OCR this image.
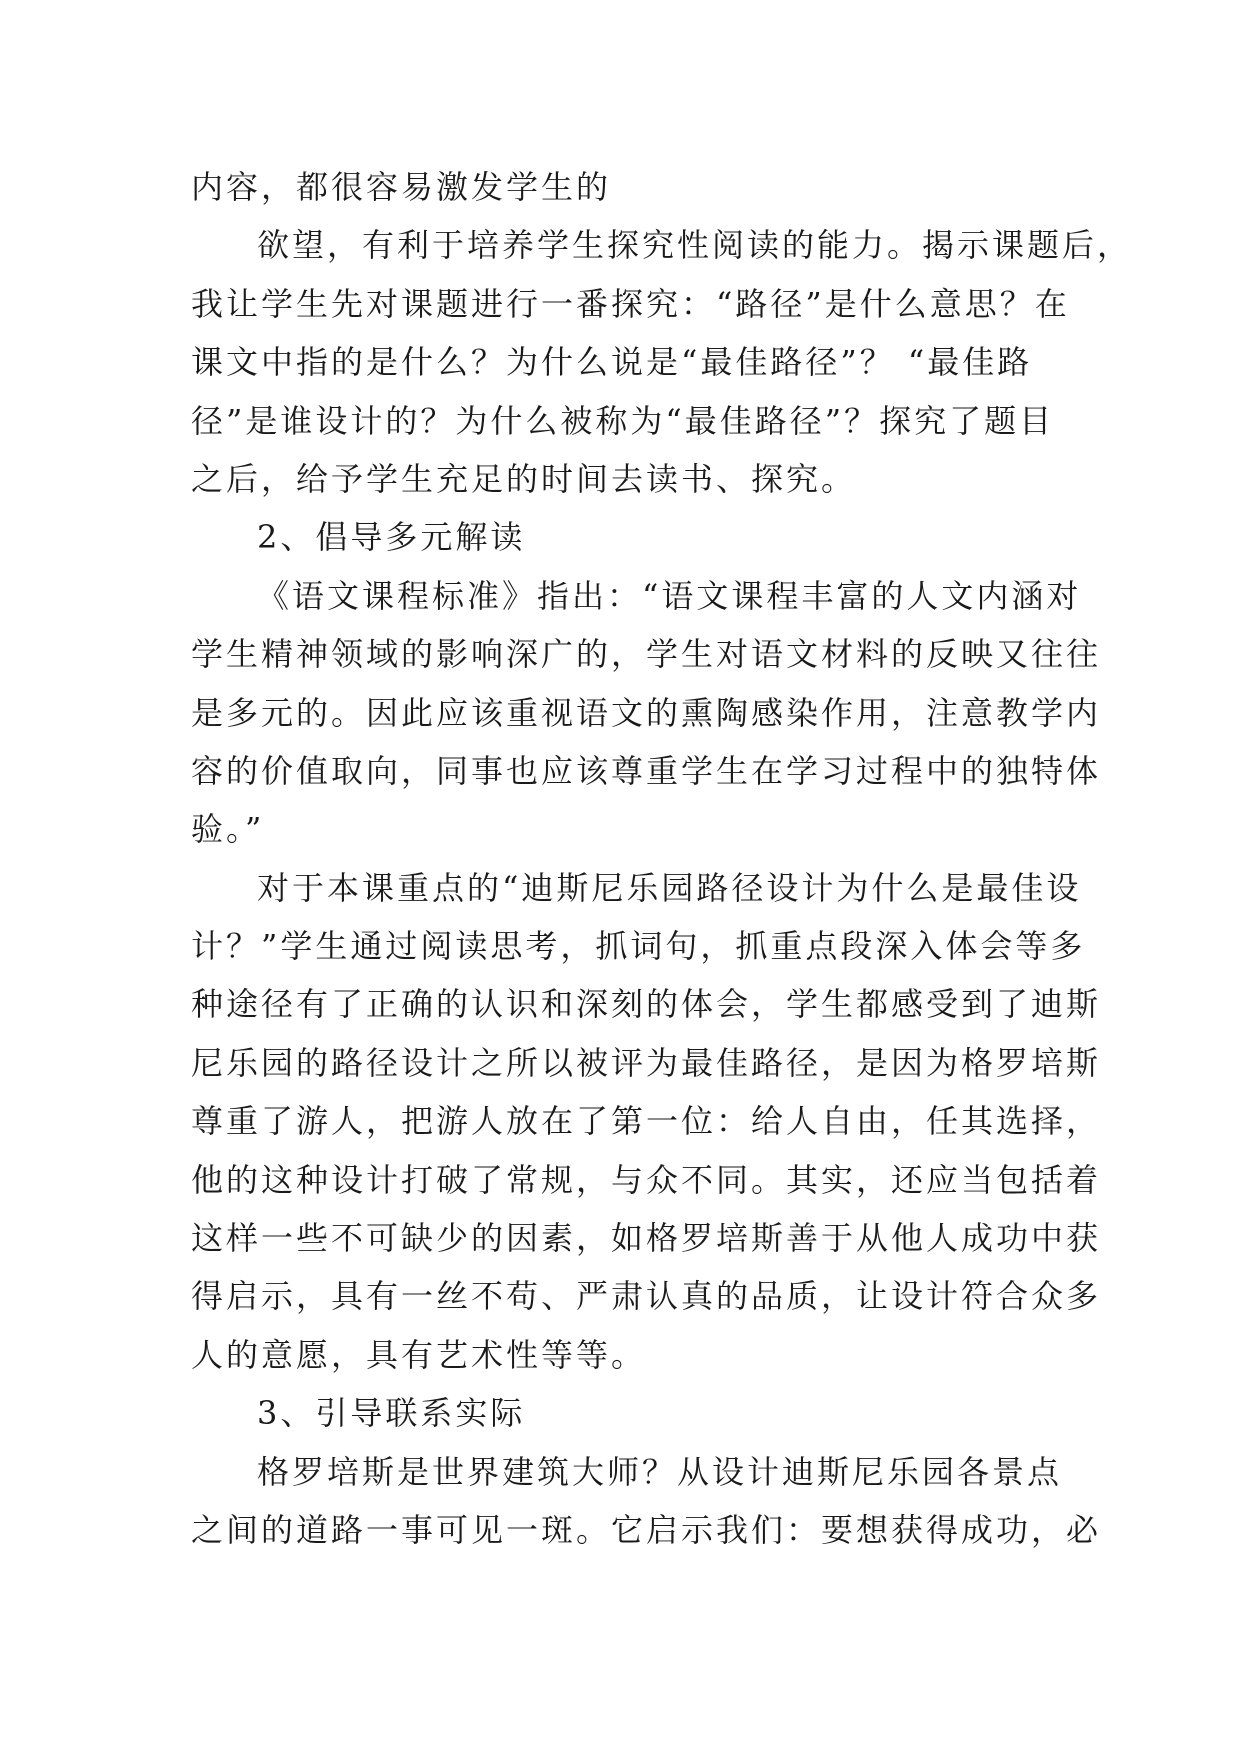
内容，都很容易激发学生的
欲望，有利于培养学生探究性阅读的能力。揭示课题后，
我让学生先对课题进行一番探究：“路径”是什么意思？在
课文中指的是什么？为什么说是“最佳路径”？ “最佳路
径”是谁设计的？为什么被称为“最佳路径”？探究了题目
之后，给予学生充足的时间去读书、探究。
2、倡导多元解读
《语文课程标准》指出：“语文课程丰富的人文内涵对
学生精神领域的影响深广的，学生对语文材料的反映又往往
是多元的。因此应该重视语文的熏陶感染作用，注意教学内
容的价值取向，同事也应该尊重学生在学习过程中的独特体
验。”
对于本课重点的“迪斯尼乐园路径设计为什么是最佳设
计？”学生通过阅读思考，抓词句，抓重点段深入体会等多
种途径有了正确的认识和深刻的体会，学生都感受到了迪斯
尼乐园的路径设计之所以被评为最佳路径，是因为格罗培斯
尊重了游人，把游人放在了第一位：给人自由，任其选择，
他的这种设计打破了常规，与众不同。其实，还应当包括着
这样一些不可缺少的因素，如格罗培斯善于从他人成功中获
得启示，具有一丝不苟、严肃认真的品质，让设计符合众多
人的意愿，具有艺术性等等。
3、引导联系实际
格罗培斯是世界建筑大师？从设计迪斯尼乐园各景点
之间的道路一事可见一斑。它启示我们：要想获得成功，必
